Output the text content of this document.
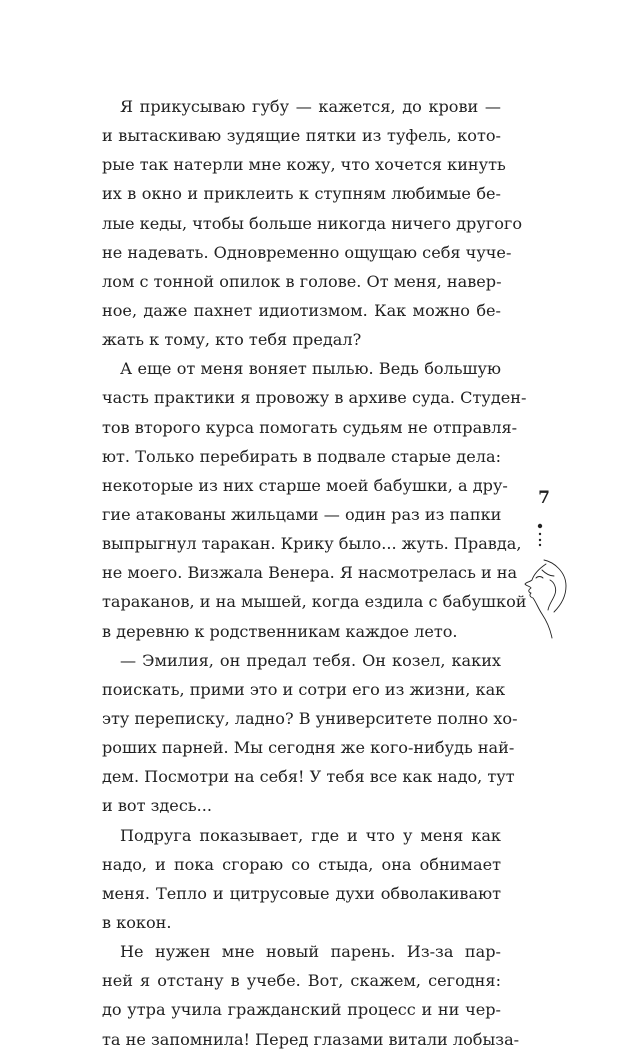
Я прикусываю губу — кажется, до крови —
и вытаскиваю зудящие пятки из туфель, кото-
рые так натерли мне кожу, что хочется кинуть
их в окно и приклеить к ступням любимые бе-
лые кеды, чтобы больше никогда ничего другого
не надевать. Одновременно ощущаю себя чуче-
лом с тонной опилок в голове. От меня, навер-
ное, даже пахнет идиотизмом. Как можно бе-
жать к тому, кто тебя предал?
А еще от меня воняет пылью. Ведь большую
часть практики я провожу в архиве суда. Студен-
тов второго курса помогать судьям не отправля-
ют. Только перебирать в подвале старые дела:
некоторые из них старше моей бабушки, а дру-
гие атакованы жильцами — один раз из папки
выпрыгнул таракан. Крику было... жуть. Правда,
не моего. Визжала Венера. Я насмотрелась и на
тараканов, и на мышей, когда ездила с бабушкой
в деревню к родственникам каждое лето.
— Эмилия, он предал тебя. Он козел, каких
поискать, прими это и сотри его из жизни, как
эту переписку, ладно? В университете полно хо-
роших парней. Мы сегодня же кого-нибудь най-
дем. Посмотри на себя! У тебя все как надо, тут
и вот здесь...
Подруга показывает, где и что у меня как
надо, и пока сгораю со стыда, она обнимает
меня. Тепло и цитрусовые духи обволакивают
в кокон.
Не нужен мне новый парень. Из-за пар-
ней я отстану в учебе. Вот, скажем, сегодня:
до утра учила гражданский процесс и ни чер-
та не запомнила! Перед глазами витали лобыза-
7
